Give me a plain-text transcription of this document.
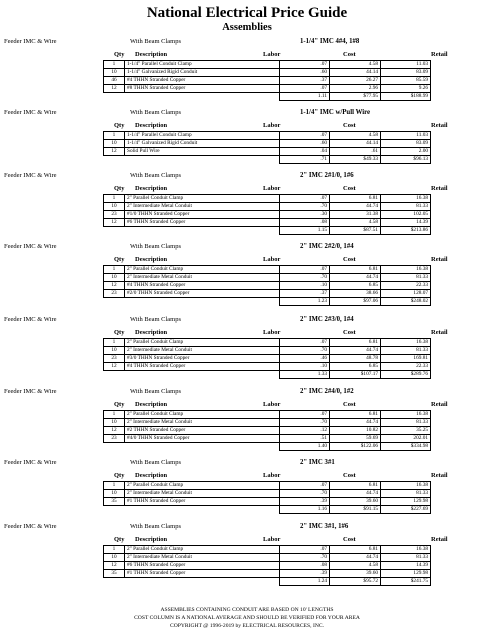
National Electrical Price Guide
Assemblies
Feeder IMC & Wire	With Beam Clamps	1-1/4" IMC 4#4, 1#8
Qty Description	Labor	Cost	Retail
1	1-1/4" Parallel Conduit Clamp	.07	4.58	11.03
10	1-1/4" Galvanized Rigid Conduit	.60	44.14	83.09
46	#4 THHN Stranded Copper	.37	26.27	85.59
12	#8 THHN Stranded Copper	.07	2.96	9.26
		1.11	$77.95	$188.99
Feeder IMC & Wire	With Beam Clamps	1-1/4" IMC w/Pull Wire
Qty Description	Labor	Cost	Retail
1	1-1/4" Parallel Conduit Clamp	.07	4.58	11.03
10	1-1/4" Galvanized Rigid Conduit	.60	44.14	83.09
12	Solid Pull Wire	.04	.61	2.00
		.71	$49.33	$96.13
Feeder IMC & Wire	With Beam Clamps	2" IMC 2#1/0, 1#6
Qty Description	Labor	Cost	Retail
1	2" Parallel Conduit Clamp	.07	6.81	16.38
10	2" Intermediate Metal Conduit	.70	44.74	81.33
23	#1/0 THHN Stranded Copper	.30	31.38	102.05
12	#6 THHN Stranded Copper	.08	4.58	14.39
		1.15	$87.51	$213.86
Feeder IMC & Wire	With Beam Clamps	2" IMC 2#2/0, 1#4
Qty Description	Labor	Cost	Retail
1	2" Parallel Conduit Clamp	.07	6.81	16.38
10	2" Intermediate Metal Conduit	.70	44.74	81.33
12	#4 THHN Stranded Copper	.10	6.85	22.33
23	#2/0 THHN Stranded Copper	.37	38.66	128.07
		1.23	$97.06	$248.02
Feeder IMC & Wire	With Beam Clamps	2" IMC 2#3/0, 1#4
Qty Description	Labor	Cost	Retail
1	2" Parallel Conduit Clamp	.07	6.81	16.38
10	2" Intermediate Metal Conduit	.70	44.74	81.33
23	#3/0 THHN Stranded Copper	.46	48.78	169.81
12	#4 THHN Stranded Copper	.10	6.85	22.33
		1.33	$107.17	$289.76
Feeder IMC & Wire	With Beam Clamps	2" IMC 2#4/0, 1#2
Qty Description	Labor	Cost	Retail
1	2" Parallel Conduit Clamp	.07	6.81	16.38
10	2" Intermediate Metal Conduit	.70	44.74	81.33
12	#2 THHN Stranded Copper	.12	10.82	35.25
23	#4/0 THHN Stranded Copper	.51	59.69	202.01
		1.40	$122.06	$334.98
Feeder IMC & Wire	With Beam Clamps	2" IMC 3#1
Qty Description	Labor	Cost	Retail
1	2" Parallel Conduit Clamp	.07	6.81	16.38
10	2" Intermediate Metal Conduit	.70	44.74	81.33
35	#1 THHN Stranded Copper	.39	39.60	129.98
		1.16	$91.15	$227.69
Feeder IMC & Wire	With Beam Clamps	2" IMC 3#1, 1#6
Qty Description	Labor	Cost	Retail
1	2" Parallel Conduit Clamp	.07	6.81	16.38
10	2" Intermediate Metal Conduit	.70	44.74	81.33
12	#6 THHN Stranded Copper	.08	4.58	14.39
35	#1 THHN Stranded Copper	.39	39.60	129.98
		1.24	$95.72	$241.75
ASSEMBLIES CONTAINING CONDUIT ARE BASED ON 10' LENGTHS
COST COLUMN IS A NATIONAL AVERAGE AND SHOULD BE VERIFIED FOR YOUR AREA
COPYRIGHT @ 1996-2019 by ELECTRICAL RESOURCES, INC.
